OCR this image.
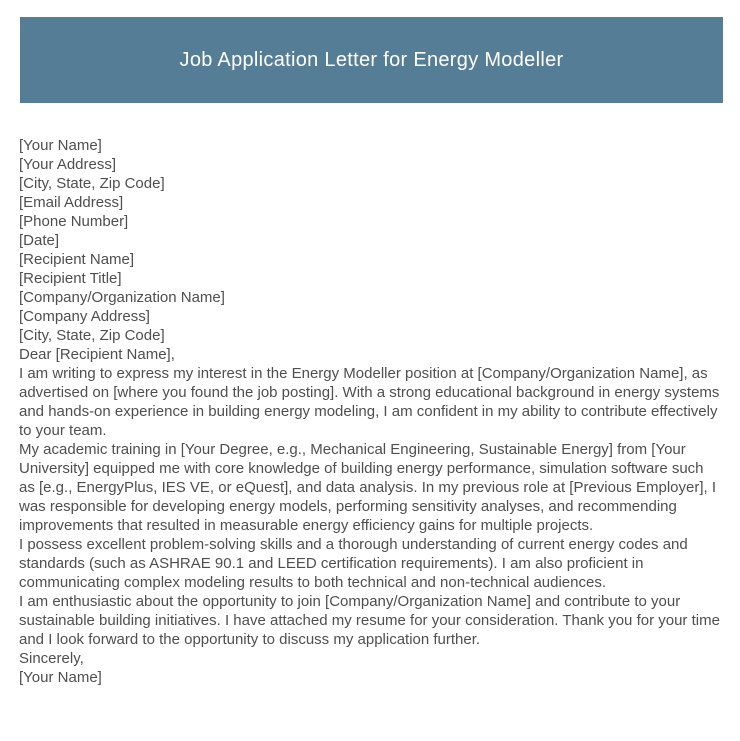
Job Application Letter for Energy Modeller

[Your Name]

[Your Address]

[City, State, Zip Code]

[Email Address]

[Phone Number]

[Date]

[Recipient Name]

[Recipient Title]

[Company/Organization Name]

[Company Address]

[City, State, Zip Code]

Dear [Recipient Name],

I am writing to express my interest in the Energy Modeller position at [Company/Organization Name], as advertised on [where you found the job posting]. With a strong educational background in energy systems and hands-on experience in building energy modeling, I am confident in my ability to contribute effectively to your team.

My academic training in [Your Degree, e.g., Mechanical Engineering, Sustainable Energy] from [Your University] equipped me with core knowledge of building energy performance, simulation software such as [e.g., EnergyPlus, IES VE, or eQuest], and data analysis. In my previous role at [Previous Employer], I was responsible for developing energy models, performing sensitivity analyses, and recommending improvements that resulted in measurable energy efficiency gains for multiple projects.

I possess excellent problem-solving skills and a thorough understanding of current energy codes and standards (such as ASHRAE 90.1 and LEED certification requirements). I am also proficient in communicating complex modeling results to both technical and non-technical audiences.

I am enthusiastic about the opportunity to join [Company/Organization Name] and contribute to your sustainable building initiatives. I have attached my resume for your consideration. Thank you for your time and I look forward to the opportunity to discuss my application further.

Sincerely,

[Your Name]
